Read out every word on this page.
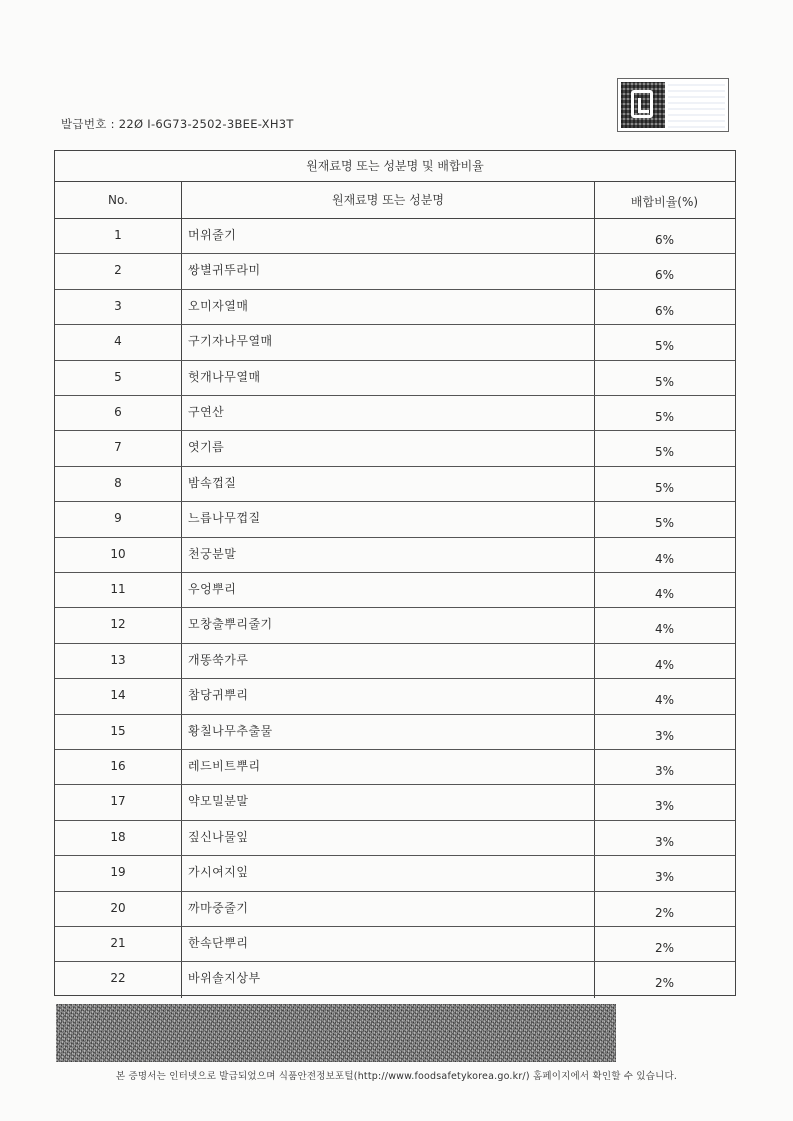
발급번호 : 22Ø I-6G73-2502-3BEE-XH3T
원재료명 또는 성분명 및 배합비율
No.	원재료명 또는 성분명	배합비율(%)
1	머위줄기	6%
2	쌍별귀뚜라미	6%
3	오미자열매	6%
4	구기자나무열매	5%
5	헛개나무열매	5%
6	구연산	5%
7	엿기름	5%
8	밤속껍질	5%
9	느릅나무껍질	5%
10	천궁분말	4%
11	우엉뿌리	4%
12	모창출뿌리줄기	4%
13	개똥쑥가루	4%
14	참당귀뿌리	4%
15	황칠나무추출물	3%
16	레드비트뿌리	3%
17	약모밀분말	3%
18	짚신나물잎	3%
19	가시여지잎	3%
20	까마중줄기	2%
21	한속단뿌리	2%
22	바위솔지상부	2%
본 증명서는 인터넷으로 발급되었으며 식품안전정보포털(http://www.foodsafetykorea.go.kr/) 홈페이지에서 확인할 수 있습니다.
